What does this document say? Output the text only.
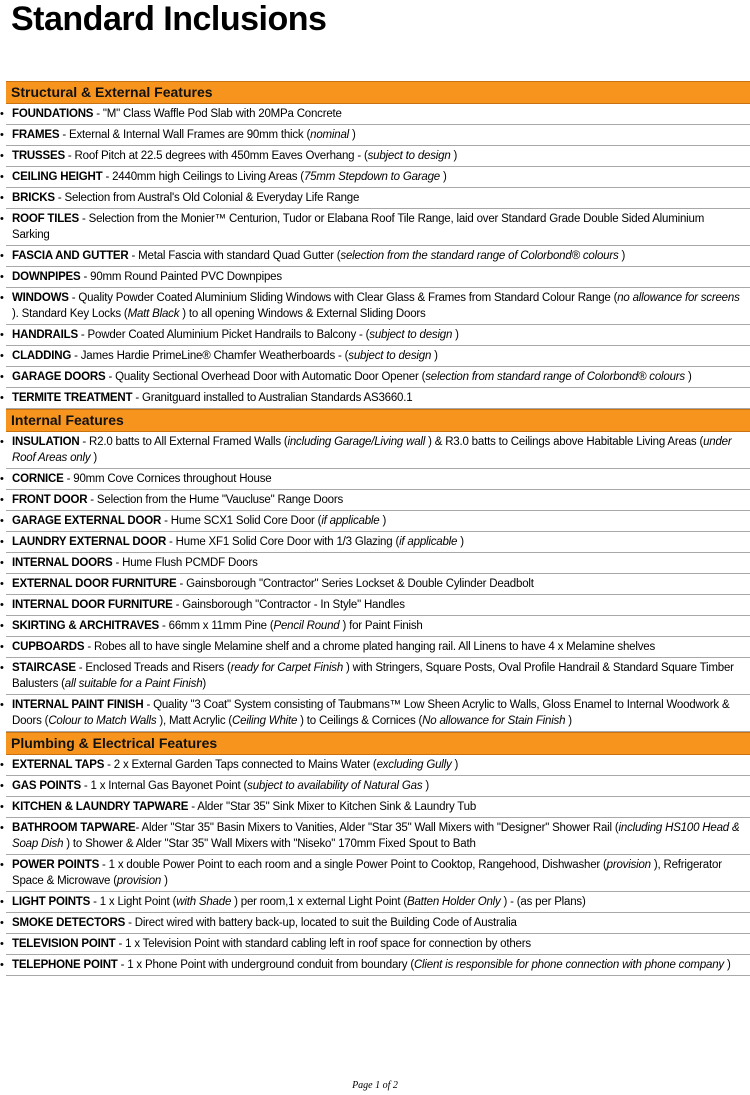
Standard Inclusions
Structural & External Features
• FOUNDATIONS - "M" Class Waffle Pod Slab with 20MPa Concrete
• FRAMES - External & Internal Wall Frames are 90mm thick (nominal )
• TRUSSES - Roof Pitch at 22.5 degrees with 450mm Eaves Overhang - (subject to design )
• CEILING HEIGHT - 2440mm high Ceilings to Living Areas (75mm Stepdown to Garage )
• BRICKS - Selection from Austral's Old Colonial & Everyday Life Range
• ROOF TILES - Selection from the Monier™ Centurion, Tudor or Elabana Roof Tile Range, laid over Standard Grade Double Sided Aluminium Sarking
• FASCIA AND GUTTER - Metal Fascia with standard Quad Gutter (selection from the standard range of Colorbond® colours )
• DOWNPIPES - 90mm Round Painted PVC Downpipes
• WINDOWS - Quality Powder Coated Aluminium Sliding Windows with Clear Glass & Frames from Standard Colour Range (no allowance for screens ). Standard Key Locks (Matt Black ) to all opening Windows & External Sliding Doors
• HANDRAILS - Powder Coated Aluminium Picket Handrails to Balcony - (subject to design )
• CLADDING - James Hardie PrimeLine® Chamfer Weatherboards - (subject to design )
• GARAGE DOORS - Quality Sectional Overhead Door with Automatic Door Opener (selection from standard range of Colorbond® colours )
• TERMITE TREATMENT - Granitguard installed to Australian Standards AS3660.1
Internal Features
• INSULATION - R2.0 batts to All External Framed Walls (including Garage/Living wall ) & R3.0 batts to Ceilings above Habitable Living Areas (under Roof Areas only )
• CORNICE - 90mm Cove Cornices throughout House
• FRONT DOOR - Selection from the Hume "Vaucluse" Range Doors
• GARAGE EXTERNAL DOOR - Hume SCX1 Solid Core Door (if applicable )
• LAUNDRY EXTERNAL DOOR - Hume XF1 Solid Core Door with 1/3 Glazing (if applicable )
• INTERNAL DOORS - Hume Flush PCMDF Doors
• EXTERNAL DOOR FURNITURE - Gainsborough "Contractor" Series Lockset & Double Cylinder Deadbolt
• INTERNAL DOOR FURNITURE - Gainsborough "Contractor - In Style" Handles
• SKIRTING & ARCHITRAVES - 66mm x 11mm Pine (Pencil Round ) for Paint Finish
• CUPBOARDS - Robes all to have single Melamine shelf and a chrome plated hanging rail. All Linens to have 4 x Melamine shelves
• STAIRCASE - Enclosed Treads and Risers (ready for Carpet Finish ) with Stringers, Square Posts, Oval Profile Handrail & Standard Square Timber Balusters (all suitable for a Paint Finish)
• INTERNAL PAINT FINISH - Quality "3 Coat" System consisting of Taubmans™ Low Sheen Acrylic to Walls, Gloss Enamel to Internal Woodwork & Doors (Colour to Match Walls ), Matt Acrylic (Ceiling White ) to Ceilings & Cornices (No allowance for Stain Finish )
Plumbing & Electrical Features
• EXTERNAL TAPS - 2 x External Garden Taps connected to Mains Water (excluding Gully )
• GAS POINTS - 1 x Internal Gas Bayonet Point (subject to availability of Natural Gas )
• KITCHEN & LAUNDRY TAPWARE - Alder "Star 35" Sink Mixer to Kitchen Sink & Laundry Tub
• BATHROOM TAPWARE- Alder "Star 35" Basin Mixers to Vanities, Alder "Star 35" Wall Mixers with "Designer" Shower Rail (including HS100 Head & Soap Dish ) to Shower & Alder "Star 35" Wall Mixers with "Niseko" 170mm Fixed Spout to Bath
• POWER POINTS - 1 x double Power Point to each room and a single Power Point to Cooktop, Rangehood, Dishwasher (provision ), Refrigerator Space & Microwave (provision )
• LIGHT POINTS - 1 x Light Point (with Shade ) per room,1 x external Light Point (Batten Holder Only ) - (as per Plans)
• SMOKE DETECTORS - Direct wired with battery back-up, located to suit the Building Code of Australia
• TELEVISION POINT - 1 x Television Point with standard cabling left in roof space for connection by others
• TELEPHONE POINT - 1 x Phone Point with underground conduit from boundary (Client is responsible for phone connection with phone company )
Page 1 of 2
